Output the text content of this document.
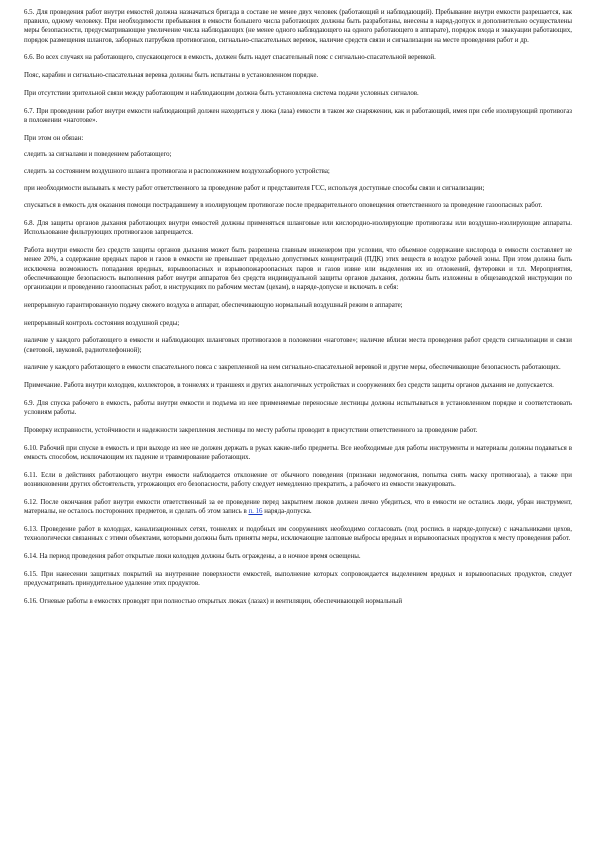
6.5. Для проведения работ внутри емкостей должна назначаться бригада в составе не менее двух человек (работающий и наблюдающий). Пребывание внутри емкости разрешается, как правило, одному человеку. При необходимости пребывания в емкости большего числа работающих должны быть разработаны, внесены в наряд-допуск и дополнительно осуществлены меры безопасности, предусматривающие увеличение числа наблюдающих (не менее одного наблюдающего на одного работающего в аппарате), порядок входа и эвакуации работающих, порядок размещения шлангов, заборных патрубков противогазов, сигнально-спасательных веревок, наличие средств связи и сигнализации на месте проведения работ и др.

6.6. Во всех случаях на работающего, спускающегося в емкость, должен быть надет спасательный пояс с сигнально-спасательной веревкой.

Пояс, карабин и сигнально-спасательная веревка должны быть испытаны в установленном порядке.

При отсутствии зрительной связи между работающим и наблюдающим должна быть установлена система подачи условных сигналов.

6.7. При проведении работ внутри емкости наблюдающий должен находиться у люка (лаза) емкости в таком же снаряжении, как и работающий, имея при себе изолирующий противогаз в положении «наготове».

При этом он обязан:

следить за сигналами и поведением работающего;

следить за состоянием воздушного шланга противогаза и расположением воздухозаборного устройства;

при необходимости вызывать к месту работ ответственного за проведение работ и представителя ГСС, используя доступные способы связи и сигнализации;

спускаться в емкость для оказания помощи пострадавшему в изолирующем противогазе после предварительного оповещения ответственного за проведение газоопасных работ.

6.8. Для защиты органов дыхания работающих внутри емкостей должны применяться шланговые или кислородно-изолирующие противогазы или воздушно-изолирующие аппараты. Использование фильтрующих противогазов запрещается.

Работа внутри емкости без средств защиты органов дыхания может быть разрешена главным инженером при условии, что объемное содержание кислорода в емкости составляет не менее 20%, а содержание вредных паров и газов в емкости не превышает предельно допустимых концентраций (ПДК) этих веществ в воздухе рабочей зоны. При этом должна быть исключена возможность попадания вредных, взрывоопасных и взрывопожароопасных паров и газов извне или выделения их из отложений, футеровки и т.п. Мероприятия, обеспечивающие безопасность выполнения работ внутри аппаратов без средств индивидуальной защиты органов дыхания, должны быть изложены в общезаводской инструкции по организации и проведению газоопасных работ, в инструкциях по рабочим местам (цехам), в наряде-допуске и включать в себя:

непрерывную гарантированную подачу свежего воздуха в аппарат, обеспечивающую нормальный воздушный режим в аппарате;

непрерывный контроль состояния воздушной среды;

наличие у каждого работающего в емкости и наблюдающих шланговых противогазов в положении «наготове»; наличие вблизи места проведения работ средств сигнализации и связи (световой, звуковой, радиотелефонной);

наличие у каждого работающего в емкости спасательного пояса с закрепленной на нем сигнально-спасательной веревкой и другие меры, обеспечивающие безопасность работающих.

Примечание. Работа внутри колодцев, коллекторов, в тоннелях и траншеях и других аналогичных устройствах и сооружениях без средств защиты органов дыхания не допускается.

6.9. Для спуска рабочего в емкость, работы внутри емкости и подъема из нее применяемые переносные лестницы должны испытываться в установленном порядке и соответствовать условиям работы.

Проверку исправности, устойчивости и надежности закрепления лестницы по месту работы проводит в присутствии ответственного за проведение работ.

6.10. Рабочий при спуске в емкость и при выходе из нее не должен держать в руках какие-либо предметы. Все необходимые для работы инструменты и материалы должны подаваться в емкость способом, исключающим их падение и травмирование работающих.

6.11. Если в действиях работающего внутри емкости наблюдается отклонение от обычного поведения (признаки недомогания, попытка снять маску противогаза), а также при возникновении других обстоятельств, угрожающих его безопасности, работу следует немедленно прекратить, а рабочего из емкости эвакуировать.

6.12. После окончания работ внутри емкости ответственный за ее проведение перед закрытием люков должен лично убедиться, что в емкости не остались люди, убран инструмент, материалы, не осталось посторонних предметов, и сделать об этом запись в п. 16 наряда-допуска.

6.13. Проведение работ в колодцах, канализационных сетях, тоннелях и подобных им сооружениях необходимо согласовать (под роспись в наряде-допуске) с начальниками цехов, технологически связанных с этими объектами, которыми должны быть приняты меры, исключающие залповые выбросы вредных и взрывоопасных продуктов к месту проведения работ.

6.14. На период проведения работ открытые люки колодцев должны быть ограждены, а в ночное время освещены.

6.15. При нанесении защитных покрытий на внутренние поверхности емкостей, выполнение которых сопровождается выделением вредных и взрывоопасных продуктов, следует предусматривать принудительное удаление этих продуктов.

6.16. Огневые работы в емкостях проводят при полностью открытых люках (лазах) и вентиляции, обеспечивающей нормальный
